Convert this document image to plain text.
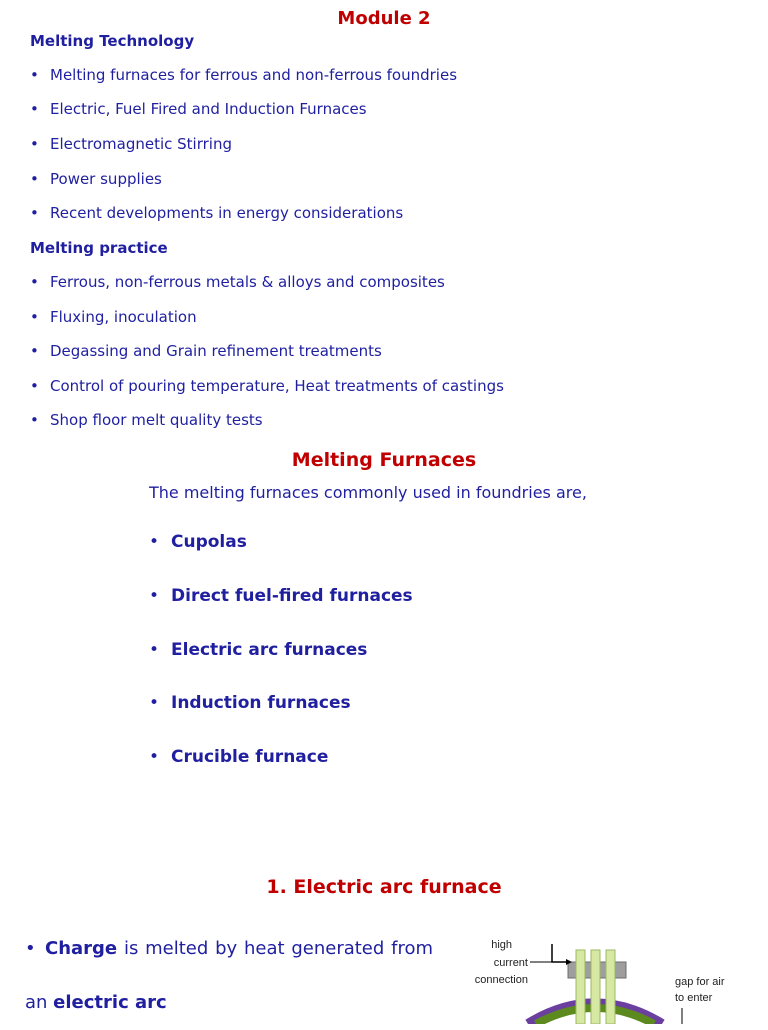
Module 2
Melting Technology
• Melting furnaces for ferrous and non-ferrous foundries
• Electric, Fuel Fired and Induction Furnaces
• Electromagnetic Stirring
• Power supplies
• Recent developments in energy considerations
Melting practice
• Ferrous, non-ferrous metals & alloys and composites
• Fluxing, inoculation
• Degassing and Grain refinement treatments
• Control of pouring temperature, Heat treatments of castings
• Shop floor melt quality tests
Melting Furnaces
The melting furnaces commonly used in foundries are,
• Cupolas
• Direct fuel-fired furnaces
• Electric arc furnaces
• Induction furnaces
• Crucible furnace
1. Electric arc furnace
• Charge is melted by heat generated from an electric arc
high
current
connection	gap for air
to enter
